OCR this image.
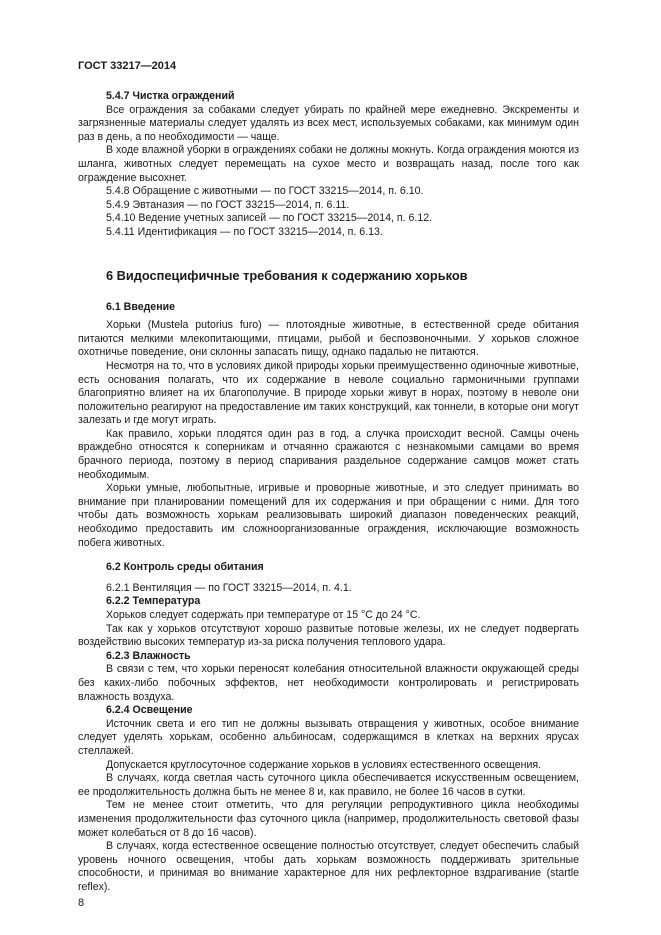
ГОСТ 33217—2014

5.4.7 Чистка ограждений

Все ограждения за собаками следует убирать по крайней мере ежедневно. Экскременты и загрязненные материалы следует удалять из всех мест, используемых собаками, как минимум один раз в день, а по необходимости — чаще.

В ходе влажной уборки в ограждениях собаки не должны мокнуть. Когда ограждения моются из шланга, животных следует перемещать на сухое место и возвращать назад, после того как ограждение высохнет.

5.4.8 Обращение с животными — по ГОСТ 33215—2014, п. 6.10.

5.4.9 Эвтаназия — по ГОСТ 33215—2014, п. 6.11.

5.4.10 Ведение учетных записей — по ГОСТ 33215—2014, п. 6.12.

5.4.11 Идентификация — по ГОСТ 33215—2014, п. 6.13.

6 Видоспецифичные требования к содержанию хорьков

6.1 Введение

Хорьки (Mustela putorius furo) — плотоядные животные, в естественной среде обитания питаются мелкими млекопитающими, птицами, рыбой и беспозвоночными. У хорьков сложное охотничье поведение, они склонны запасать пищу, однако падалью не питаются.

Несмотря на то, что в условиях дикой природы хорьки преимущественно одиночные животные, есть основания полагать, что их содержание в неволе социально гармоничными группами благоприятно влияет на их благополучие. В природе хорьки живут в норах, поэтому в неволе они положительно реагируют на предоставление им таких конструкций, как тоннели, в которые они могут залезать и где могут играть.

Как правило, хорьки плодятся один раз в год, а случка происходит весной. Самцы очень враждебно относятся к соперникам и отчаянно сражаются с незнакомыми самцами во время брачного периода, поэтому в период спаривания раздельное содержание самцов может стать необходимым.

Хорьки умные, любопытные, игривые и проворные животные, и это следует принимать во внимание при планировании помещений для их содержания и при обращении с ними. Для того чтобы дать возможность хорькам реализовывать широкий диапазон поведенческих реакций, необходимо предоставить им сложноорганизованные ограждения, исключающие возможность побега животных.

6.2 Контроль среды обитания

6.2.1 Вентиляция — по ГОСТ 33215—2014, п. 4.1.

6.2.2 Температура

Хорьков следует содержать при температуре от 15 °С до 24 °С.

Так как у хорьков отсутствуют хорошо развитые потовые железы, их не следует подвергать воздействию высоких температур из-за риска получения теплового удара.

6.2.3 Влажность

В связи с тем, что хорьки переносят колебания относительной влажности окружающей среды без каких-либо побочных эффектов, нет необходимости контролировать и регистрировать влажность воздуха.

6.2.4 Освещение

Источник света и его тип не должны вызывать отвращения у животных, особое внимание следует уделять хорькам, особенно альбиносам, содержащимся в клетках на верхних ярусах стеллажей.

Допускается круглосуточное содержание хорьков в условиях естественного освещения.

В случаях, когда светлая часть суточного цикла обеспечивается искусственным освещением, ее продолжительность должна быть не менее 8 и, как правило, не более 16 часов в сутки.

Тем не менее стоит отметить, что для регуляции репродуктивного цикла необходимы изменения продолжительности фаз суточного цикла (например, продолжительность световой фазы может колебаться от 8 до 16 часов).

В случаях, когда естественное освещение полностью отсутствует, следует обеспечить слабый уровень ночного освещения, чтобы дать хорькам возможность поддерживать зрительные способности, и принимая во внимание характерное для них рефлекторное вздрагивание (startle reflex).

8
